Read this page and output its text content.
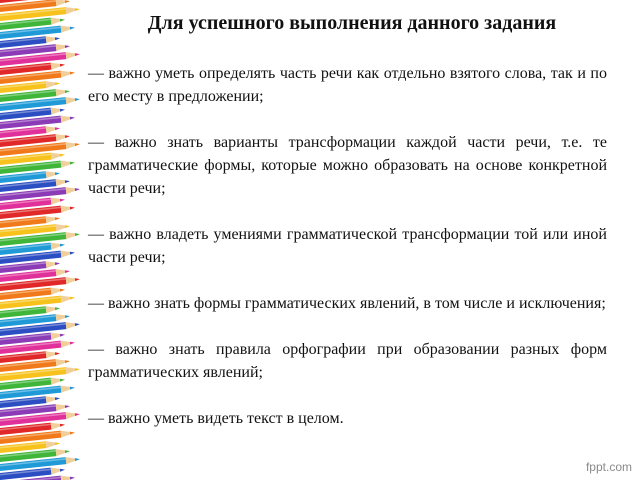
Для успешного выполнения данного задания

— важно уметь определять часть речи как отдельно взятого слова, так и по его месту в предложении;

— важно знать варианты трансформации каждой части речи, т.е. те грамматические формы, которые можно образовать на основе конкретной части речи;

— важно владеть умениями грамматической трансформации той или иной части речи;

— важно знать формы грамматических явлений, в том числе и исключения;

— важно знать правила орфографии при образовании разных форм грамматических явлений;

— важно уметь видеть текст в целом.

fppt.com
